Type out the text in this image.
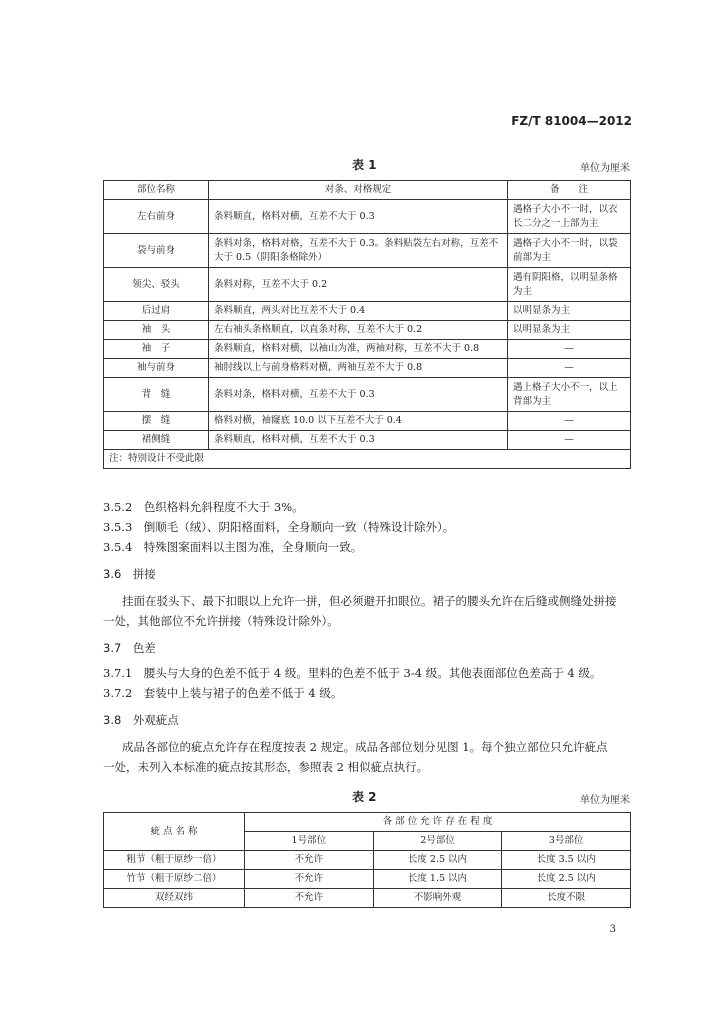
FZ/T 81004—2012
表 1	单位为厘米
部位名称	对条、对格规定	备　　注
左右前身	条料顺直，格料对横，互差不大于 0.3	遇格子大小不一时，以衣长二分之一上部为主
袋与前身	条料对条，格料对格，互差不大于 0.3。条料贴袋左右对称，互差不大于 0.5（阴阳条格除外）	遇格子大小不一时，以袋前部为主
领尖、驳头	条料对称，互差不大于 0.2	遇有阴阳格，以明显条格为主
后过肩	条料顺直，两头对比互差不大于 0.4	以明显条为主
袖　头	左右袖头条格顺直，以直条对称，互差不大于 0.2	以明显条为主
袖　子	条料顺直，格料对横，以袖山为准，两袖对称，互差不大于 0.8	—
袖与前身	袖肘线以上与前身格料对横，两袖互差不大于 0.8	—
背　缝	条料对条，格料对横，互差不大于 0.3	遇上格子大小不一，以上背部为主
摆　缝	格料对横，袖窿底 10.0 以下互差不大于 0.4	—
裙侧缝	条料顺直，格料对横，互差不大于 0.3	—
注：特别设计不受此限		
3.5.2　色织格料允斜程度不大于 3%。
3.5.3　倒顺毛（绒）、阴阳格面料，全身顺向一致（特殊设计除外）。
3.5.4　特殊图案面料以主图为准，全身顺向一致。
3.6　拼接
挂面在驳头下、最下扣眼以上允许一拼，但必须避开扣眼位。裙子的腰头允许在后缝或侧缝处拼接
一处，其他部位不允许拼接（特殊设计除外）。
3.7　色差
3.7.1　腰头与大身的色差不低于 4 级。里料的色差不低于 3-4 级。其他表面部位色差高于 4 级。
3.7.2　套装中上装与裙子的色差不低于 4 级。
3.8　外观疵点
成品各部位的疵点允许存在程度按表 2 规定。成品各部位划分见图 1。每个独立部位只允许疵点
一处，未列入本标准的疵点按其形态，参照表 2 相似疵点执行。
表 2	单位为厘米
疵 点 名 称	各 部 位 允 许 存 在 程 度		
	1号部位	2号部位	3号部位
粗节（粗于原纱一倍）	不允许	长度 2.5 以内	长度 3.5 以内
竹节（粗于原纱二倍）	不允许	长度 1.5 以内	长度 2.5 以内
双经双纬	不允许	不影响外观	长度不限
3
